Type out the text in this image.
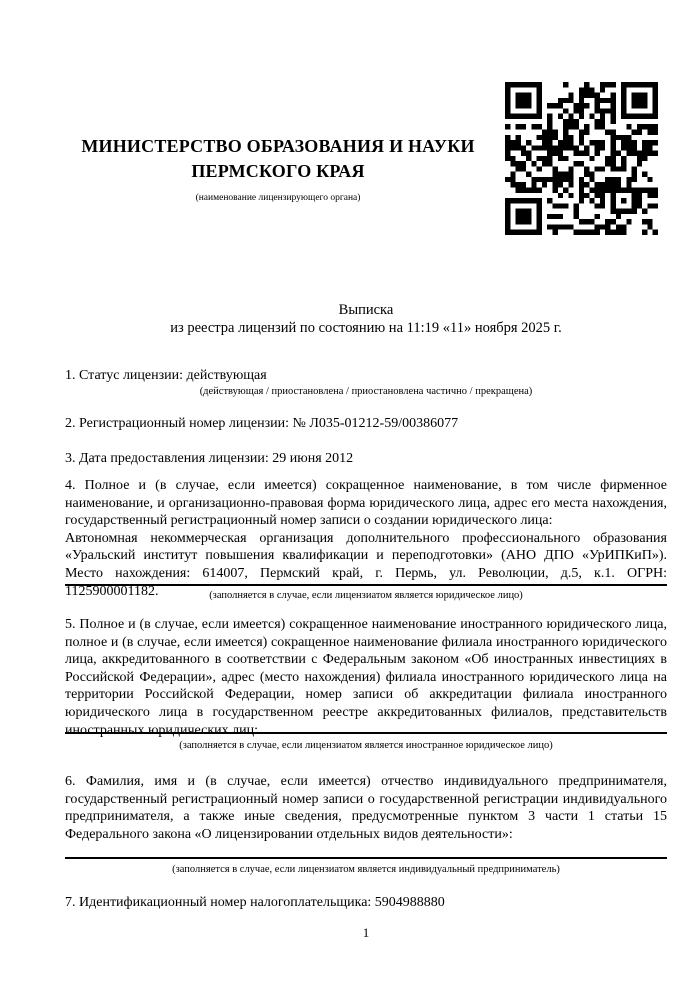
МИНИСТЕРСТВО ОБРАЗОВАНИЯ И НАУКИ
ПЕРМСКОГО КРАЯ
(наименование лицензирующего органа)
Выписка
из реестра лицензий по состоянию на 11:19 «11» ноября 2025 г.
1. Статус лицензии: действующая
(действующая / приостановлена / приостановлена частично / прекращена)
2. Регистрационный номер лицензии: № Л035-01212-59/00386077
3. Дата предоставления лицензии: 29 июня 2012

4. Полное и (в случае, если имеется) сокращенное наименование, в том числе фирменное наименование, и организационно-правовая форма юридического лица, адрес его места нахождения, государственный регистрационный номер записи о создании юридического лица:

Автономная некоммерческая организация дополнительного профессионального образования «Уральский институт повышения квалификации и переподготовки» (АНО ДПО «УрИПКиП»). Место нахождения: 614007, Пермский край, г. Пермь, ул. Революции, д.5, к.1. ОГРН: 1125900001182.	(заполняется в случае, если лицензиатом является юридическое лицо)

5. Полное и (в случае, если имеется) сокращенное наименование иностранного юридического лица, полное и (в случае, если имеется) сокращенное наименование филиала иностранного юридического лица, аккредитованного в соответствии с Федеральным законом «Об иностранных инвестициях в Российской Федерации», адрес (место нахождения) филиала иностранного юридического лица на территории Российской Федерации, номер записи об аккредитации филиала иностранного юридического лица в государственном реестре аккредитованных филиалов, представительств иностранных юридических лиц:

(заполняется в случае, если лицензиатом является иностранное юридическое лицо)

6. Фамилия, имя и (в случае, если имеется) отчество индивидуального предпринимателя, государственный регистрационный номер записи о государственной регистрации индивидуального предпринимателя, а также иные сведения, предусмотренные пунктом 3 части 1 статьи 15 Федерального закона «О лицензировании отдельных видов деятельности»:

(заполняется в случае, если лицензиатом является индивидуальный предприниматель)
7. Идентификационный номер налогоплательщика: 5904988880
1
